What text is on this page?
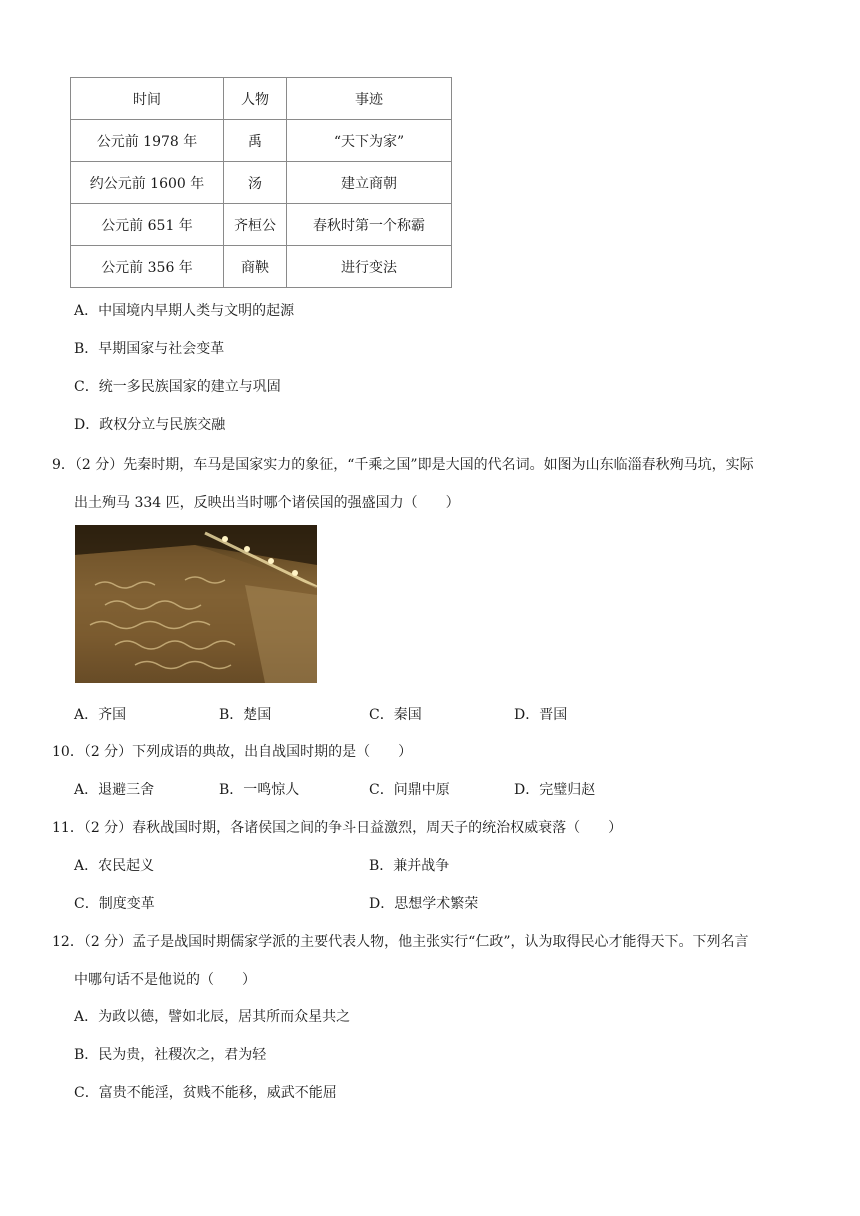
时间	人物	事迹
公元前 1978 年	禹	“天下为家”
约公元前 1600 年	汤	建立商朝
公元前 651 年	齐桓公	春秋时第一个称霸
公元前 356 年	商鞅	进行变法
A．中国境内早期人类与文明的起源
B．早期国家与社会变革
C．统一多民族国家的建立与巩固
D．政权分立与民族交融
9．（2 分）先秦时期，车马是国家实力的象征，“千乘之国”即是大国的代名词。如图为山东临淄春秋殉马坑，实际
出土殉马 334 匹，反映出当时哪个诸侯国的强盛国力（　　）
A．齐国	B．楚国	C．秦国	D．晋国
10．（2 分）下列成语的典故，出自战国时期的是（　　）
A．退避三舍	B．一鸣惊人	C．问鼎中原	D．完璧归赵
11．（2 分）春秋战国时期，各诸侯国之间的争斗日益激烈，周天子的统治权威衰落（　　）
A．农民起义	B．兼并战争
C．制度变革	D．思想学术繁荣
12．（2 分）孟子是战国时期儒家学派的主要代表人物，他主张实行“仁政”，认为取得民心才能得天下。下列名言
中哪句话不是他说的（　　）
A．为政以德，譬如北辰，居其所而众星共之
B．民为贵，社稷次之，君为轻
C．富贵不能淫，贫贱不能移，威武不能屈
